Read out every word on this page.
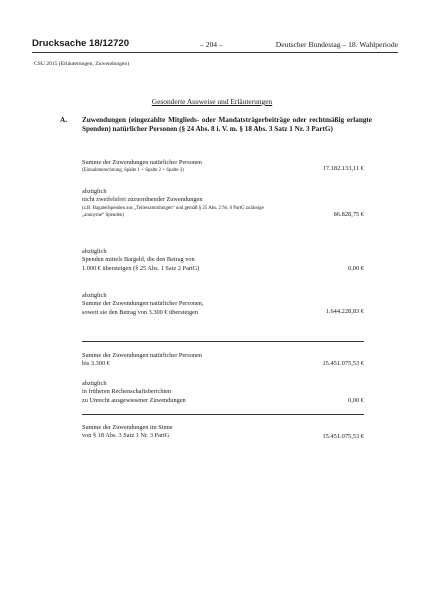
Drucksache 18/12720	– 204 –	Deutscher Bundestag – 18. Wahlperiode
CSU 2015 (Erläuterungen, Zuwendungen)
Gesonderte Ausweise und Erläuterungen
A. Zuwendungen (eingezahlte Mitglieds- oder Mandatsträgerbeiträge oder rechtmäßig erlangte Spenden) natürlicher Personen (§ 24 Abs. 8 i. V. m. § 18 Abs. 3 Satz 1 Nr. 3 PartG)
Summe der Zuwendungen natürlicher Personen
(Einnahmerechnung, Spalte 1 + Spalte 2 + Spalte 3)	17.182.133,11 €
abzüglich
nicht zweifelsfrei zuzuordnender Zuwendungen
(z.B. Bagatellspenden aus „Tellersammlungen“ und gemäß § 25 Abs. 2 Nr. 6 PartG zulässige „anonyme“ Spenden)	86.828,75 €
abzüglich
Spenden mittels Bargeld, die den Betrag von
1.000 € übersteigen (§ 25 Abs. 1 Satz 2 PartG)	0,00 €
abzüglich
Summe der Zuwendungen natürlicher Personen,
soweit sie den Betrag von 3.300 € übersteigen	1.644.228,83 €
Summe der Zuwendungen natürlicher Personen
bis 3.300 €	15.451.075,53 €
abzüglich
in früheren Rechenschaftsberichten
zu Unrecht ausgewiesener Zuwendungen	0,00 €
Summe der Zuwendungen im Sinne
von § 18 Abs. 3 Satz 1 Nr. 3 PartG	15.451.075,53 €
